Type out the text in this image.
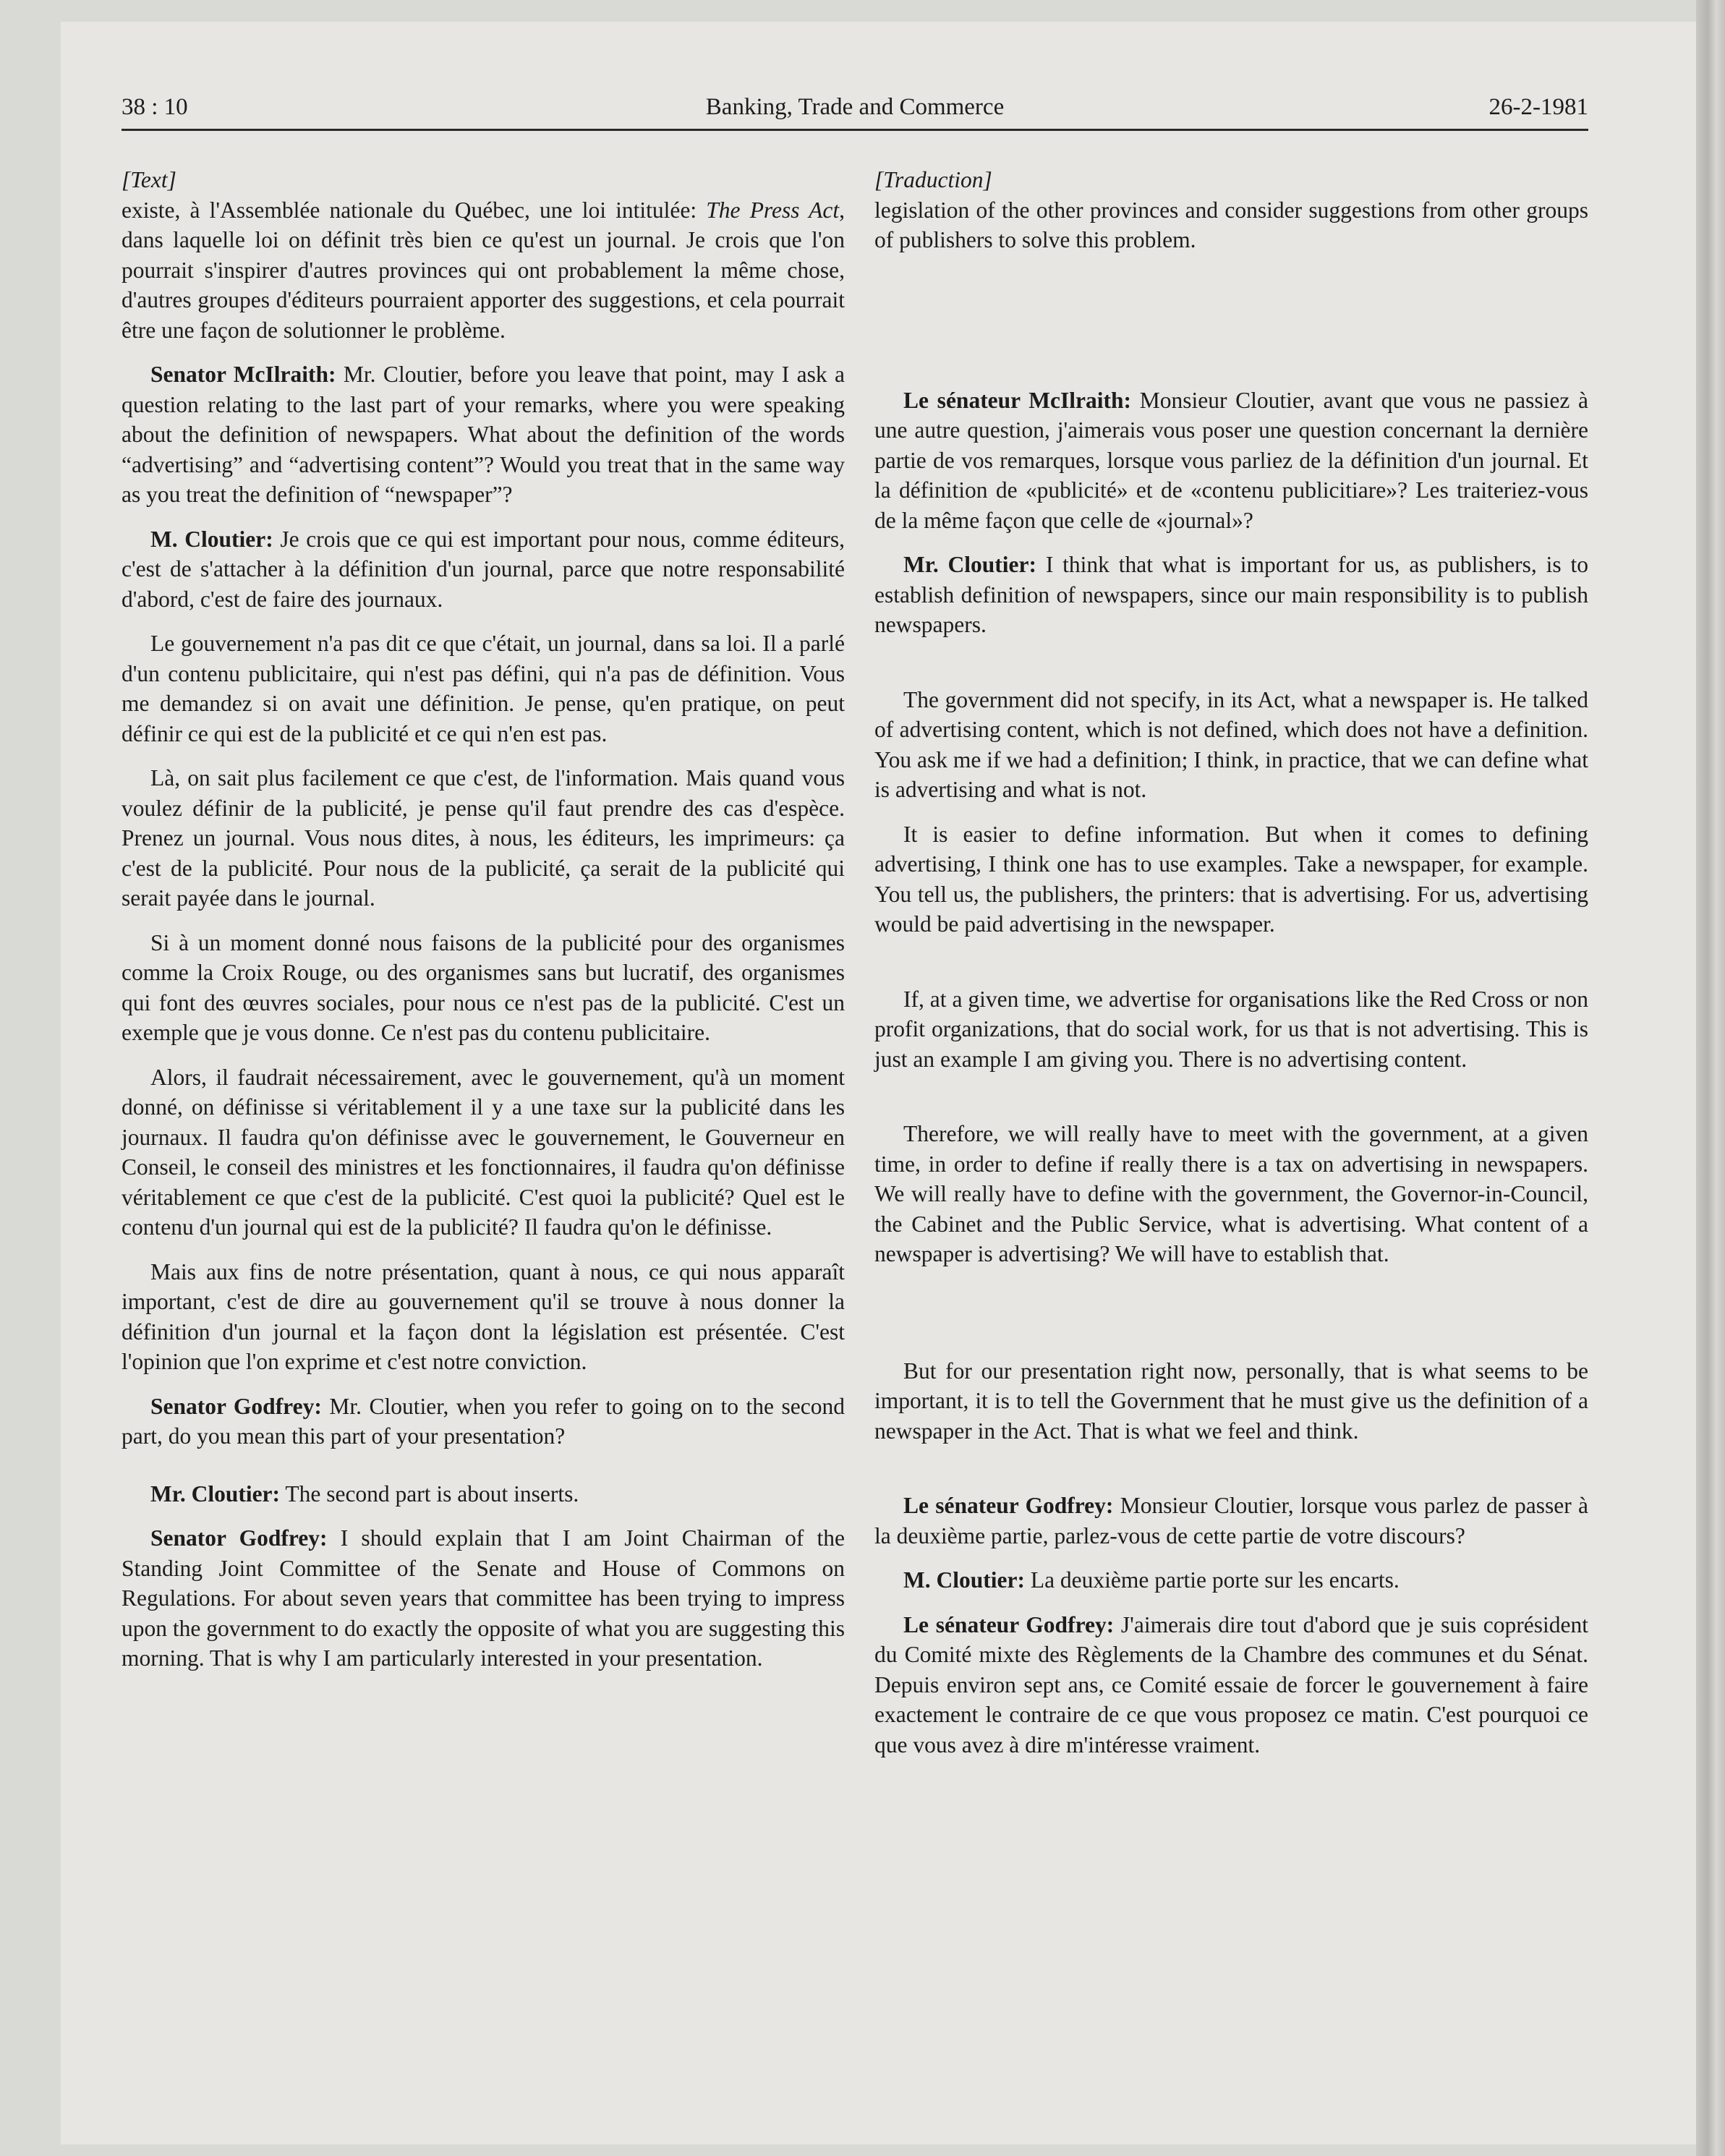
38 : 10	Banking, Trade and Commerce	26-2-1981

[Text]

existe, à l'Assemblée nationale du Québec, une loi intitulée: The Press Act, dans laquelle loi on définit très bien ce qu'est un journal. Je crois que l'on pourrait s'inspirer d'autres provinces qui ont probablement la même chose, d'autres groupes d'éditeurs pourraient apporter des suggestions, et cela pourrait être une façon de solutionner le problème.

Senator McIlraith: Mr. Cloutier, before you leave that point, may I ask a question relating to the last part of your remarks, where you were speaking about the definition of newspapers. What about the definition of the words “advertising” and “advertising content”? Would you treat that in the same way as you treat the definition of “newspaper”?

M. Cloutier: Je crois que ce qui est important pour nous, comme éditeurs, c'est de s'attacher à la définition d'un journal, parce que notre responsabilité d'abord, c'est de faire des journaux.

Le gouvernement n'a pas dit ce que c'était, un journal, dans sa loi. Il a parlé d'un contenu publicitaire, qui n'est pas défini, qui n'a pas de définition. Vous me demandez si on avait une définition. Je pense, qu'en pratique, on peut définir ce qui est de la publicité et ce qui n'en est pas.

Là, on sait plus facilement ce que c'est, de l'information. Mais quand vous voulez définir de la publicité, je pense qu'il faut prendre des cas d'espèce. Prenez un journal. Vous nous dites, à nous, les éditeurs, les imprimeurs: ça c'est de la publicité. Pour nous de la publicité, ça serait de la publicité qui serait payée dans le journal.

Si à un moment donné nous faisons de la publicité pour des organismes comme la Croix Rouge, ou des organismes sans but lucratif, des organismes qui font des œuvres sociales, pour nous ce n'est pas de la publicité. C'est un exemple que je vous donne. Ce n'est pas du contenu publicitaire.

Alors, il faudrait nécessairement, avec le gouvernement, qu'à un moment donné, on définisse si véritablement il y a une taxe sur la publicité dans les journaux. Il faudra qu'on définisse avec le gouvernement, le Gouverneur en Conseil, le conseil des ministres et les fonctionnaires, il faudra qu'on définisse véritablement ce que c'est de la publicité. C'est quoi la publicité? Quel est le contenu d'un journal qui est de la publicité? Il faudra qu'on le définisse.

Mais aux fins de notre présentation, quant à nous, ce qui nous apparaît important, c'est de dire au gouvernement qu'il se trouve à nous donner la définition d'un journal et la façon dont la législation est présentée. C'est l'opinion que l'on exprime et c'est notre conviction.

Senator Godfrey: Mr. Cloutier, when you refer to going on to the second part, do you mean this part of your presentation?

Mr. Cloutier: The second part is about inserts.

Senator Godfrey: I should explain that I am Joint Chairman of the Standing Joint Committee of the Senate and House of Commons on Regulations. For about seven years that committee has been trying to impress upon the government to do exactly the opposite of what you are suggesting this morning. That is why I am particularly interested in your presentation.

[Traduction]

legislation of the other provinces and consider suggestions from other groups of publishers to solve this problem.

Le sénateur McIlraith: Monsieur Cloutier, avant que vous ne passiez à une autre question, j'aimerais vous poser une question concernant la dernière partie de vos remarques, lorsque vous parliez de la définition d'un journal. Et la définition de «publicité» et de «contenu publicitiare»? Les traiteriez-vous de la même façon que celle de «journal»?

Mr. Cloutier: I think that what is important for us, as publishers, is to establish definition of newspapers, since our main responsibility is to publish newspapers.

The government did not specify, in its Act, what a newspaper is. He talked of advertising content, which is not defined, which does not have a definition. You ask me if we had a definition; I think, in practice, that we can define what is advertising and what is not.

It is easier to define information. But when it comes to defining advertising, I think one has to use examples. Take a newspaper, for example. You tell us, the publishers, the printers: that is advertising. For us, advertising would be paid advertising in the newspaper.

If, at a given time, we advertise for organisations like the Red Cross or non profit organizations, that do social work, for us that is not advertising. This is just an example I am giving you. There is no advertising content.

Therefore, we will really have to meet with the government, at a given time, in order to define if really there is a tax on advertising in newspapers. We will really have to define with the government, the Governor-in-Council, the Cabinet and the Public Service, what is advertising. What content of a newspaper is advertising? We will have to establish that.

But for our presentation right now, personally, that is what seems to be important, it is to tell the Government that he must give us the definition of a newspaper in the Act. That is what we feel and think.

Le sénateur Godfrey: Monsieur Cloutier, lorsque vous parlez de passer à la deuxième partie, parlez-vous de cette partie de votre discours?

M. Cloutier: La deuxième partie porte sur les encarts.

Le sénateur Godfrey: J'aimerais dire tout d'abord que je suis coprésident du Comité mixte des Règlements de la Chambre des communes et du Sénat. Depuis environ sept ans, ce Comité essaie de forcer le gouvernement à faire exactement le contraire de ce que vous proposez ce matin. C'est pourquoi ce que vous avez à dire m'intéresse vraiment.
